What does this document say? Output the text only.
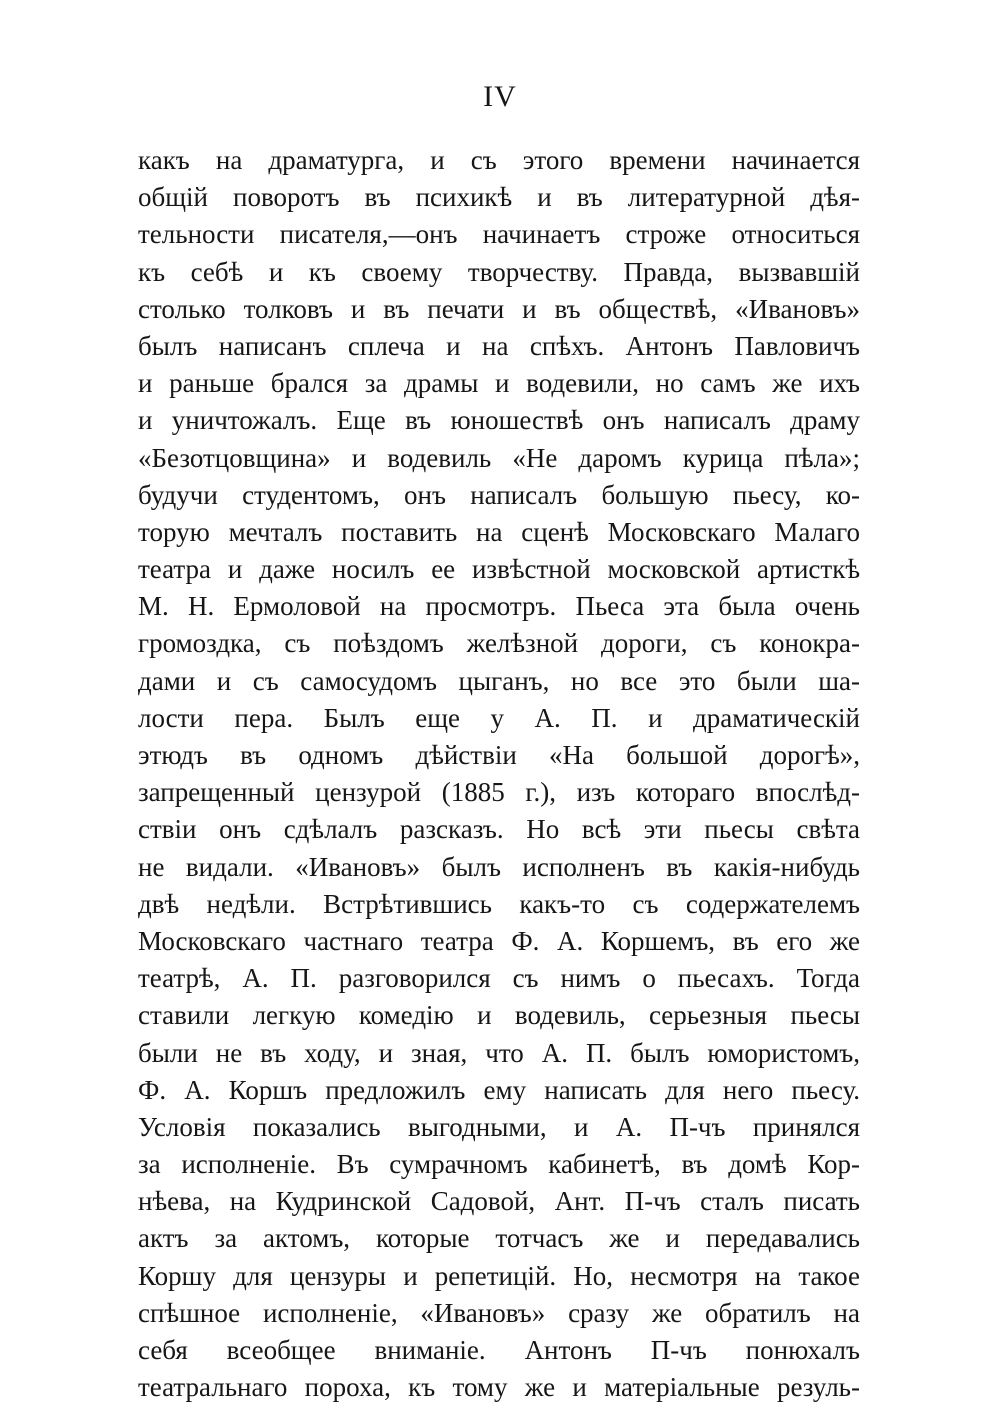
IV
какъ на драматурга, и съ этого времени начинается
общій поворотъ въ психикѣ и въ литературной дѣя-
тельности писателя,—онъ начинаетъ строже относиться
къ себѣ и къ своему творчеству. Правда, вызвавшій
столько толковъ и въ печати и въ обществѣ, «Ивановъ»
былъ написанъ сплеча и на спѣхъ. Антонъ Павловичъ
и раньше брался за драмы и водевили, но самъ же ихъ
и уничтожалъ. Еще въ юношествѣ онъ написалъ драму
«Безотцовщина» и водевиль «Не даромъ курица пѣла»;
будучи студентомъ, онъ написалъ большую пьесу, ко-
торую мечталъ поставить на сценѣ Московскаго Малаго
театра и даже носилъ ее извѣстной московской артисткѣ
М. Н. Ермоловой на просмотръ. Пьеса эта была очень
громоздка, съ поѣздомъ желѣзной дороги, съ конокра-
дами и съ самосудомъ цыганъ, но все это были ша-
лости пера. Былъ еще у А. П. и драматическій
этюдъ въ одномъ дѣйствіи «На большой дорогѣ»,
запрещенный цензурой (1885 г.), изъ котораго впослѣд-
ствіи онъ сдѣлалъ разсказъ. Но всѣ эти пьесы свѣта
не видали. «Ивановъ» былъ исполненъ въ какія-нибудь
двѣ недѣли. Встрѣтившись какъ-то съ содержателемъ
Московскаго частнаго театра Ф. А. Коршемъ, въ его же
театрѣ, А. П. разговорился съ нимъ о пьесахъ. Тогда
ставили легкую комедію и водевиль, серьезныя пьесы
были не въ ходу, и зная, что А. П. былъ юмористомъ,
Ф. А. Коршъ предложилъ ему написать для него пьесу.
Условія показались выгодными, и А. П-чъ принялся
за исполненіе. Въ сумрачномъ кабинетѣ, въ домѣ Кор-
нѣева, на Кудринской Садовой, Ант. П-чъ сталъ писать
актъ за актомъ, которые тотчасъ же и передавались
Коршу для цензуры и репетицій. Но, несмотря на такое
спѣшное исполненіе, «Ивановъ» сразу же обратилъ на
себя всеобщее вниманіе. Антонъ П-чъ понюхалъ
театральнаго пороха, къ тому же и матеріальные резуль-
